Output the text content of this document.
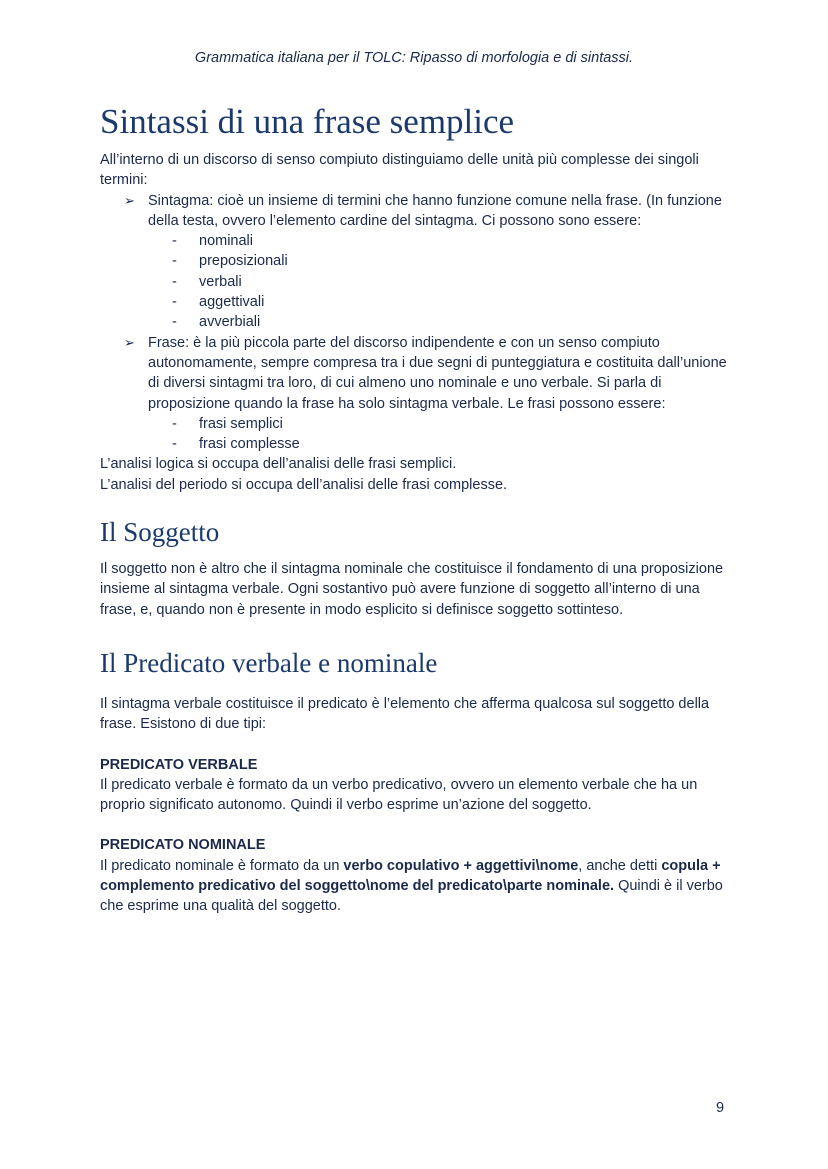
Grammatica italiana per il TOLC: Ripasso di morfologia e di sintassi.
Sintassi di una frase semplice

All’interno di un discorso di senso compiuto distinguiamo delle unità più complesse dei singoli termini:

➢ Sintagma: cioè un insieme di termini che hanno funzione comune nella frase. (In funzione della testa, ovvero l’elemento cardine del sintagma. Ci possono sono essere:
- nominali
- preposizionali
- verbali
- aggettivali
- avverbiali
➢ Frase: è la più piccola parte del discorso indipendente e con un senso compiuto autonomamente, sempre compresa tra i due segni di punteggiatura e costituita dall’unione di diversi sintagmi tra loro, di cui almeno uno nominale e uno verbale. Si parla di proposizione quando la frase ha solo sintagma verbale. Le frasi possono essere:
- frasi semplici
- frasi complesse

L’analisi logica si occupa dell’analisi delle frasi semplici.

L’analisi del periodo si occupa dell’analisi delle frasi complesse.

Il Soggetto

Il soggetto non è altro che il sintagma nominale che costituisce il fondamento di una proposizione insieme al sintagma verbale. Ogni sostantivo può avere funzione di soggetto all’interno di una frase, e, quando non è presente in modo esplicito si definisce soggetto sottinteso.

Il Predicato verbale e nominale

Il sintagma verbale costituisce il predicato è l’elemento che afferma qualcosa sul soggetto della frase. Esistono di due tipi:

PREDICATO VERBALE

Il predicato verbale è formato da un verbo predicativo, ovvero un elemento verbale che ha un proprio significato autonomo. Quindi il verbo esprime un’azione del soggetto.

PREDICATO NOMINALE

Il predicato nominale è formato da un verbo copulativo + aggettivi\nome, anche detti copula + complemento predicativo del soggetto\nome del predicato\parte nominale. Quindi è il verbo che esprime una qualità del soggetto.

9
